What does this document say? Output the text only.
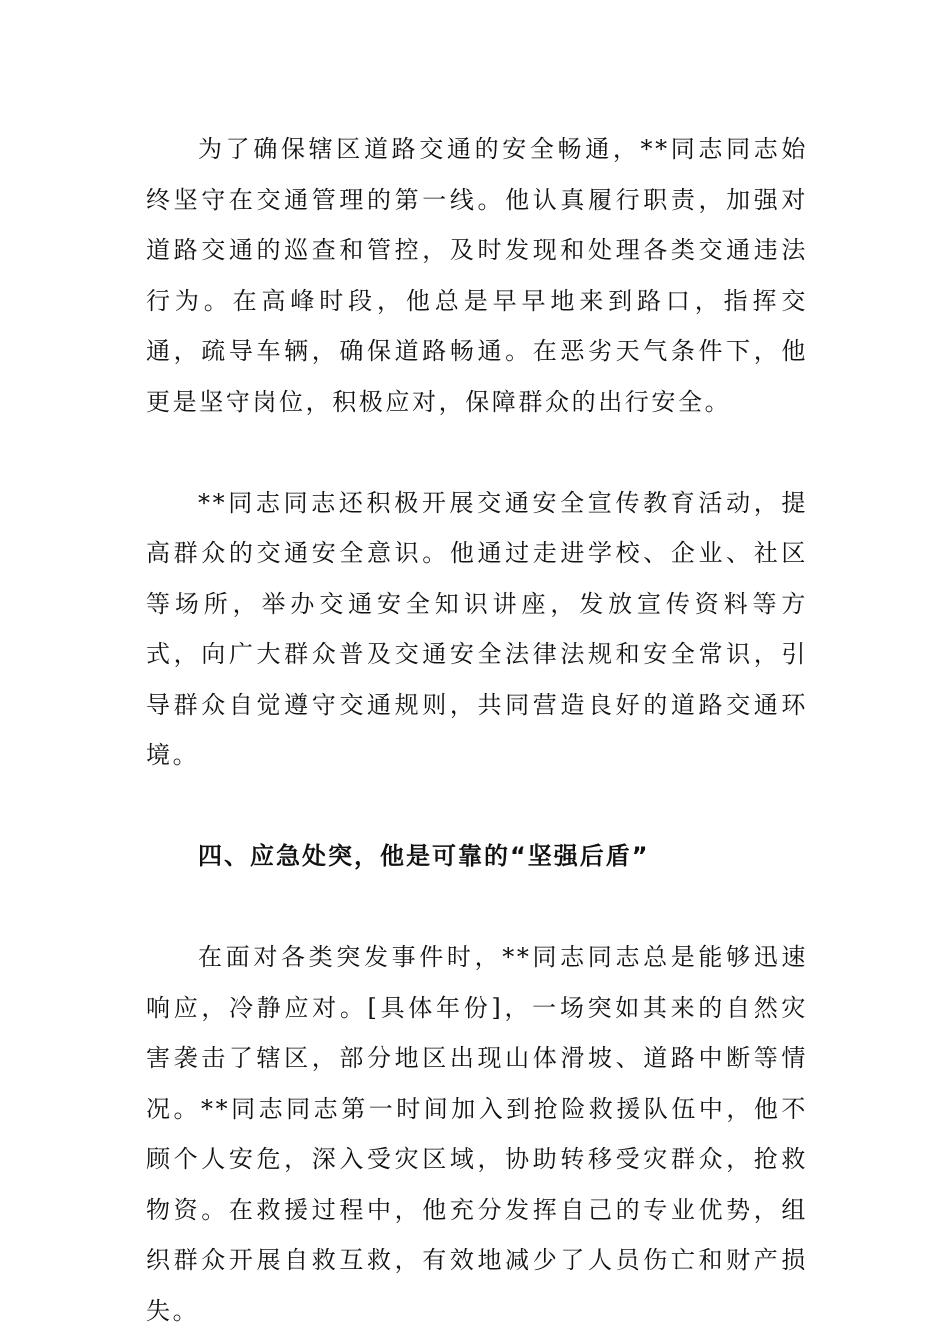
为了确保辖区道路交通的安全畅通，**同志同志始终坚守在交通管理的第一线。他认真履行职责，加强对道路交通的巡查和管控，及时发现和处理各类交通违法行为。在高峰时段，他总是早早地来到路口，指挥交通，疏导车辆，确保道路畅通。在恶劣天气条件下，他更是坚守岗位，积极应对，保障群众的出行安全。

**同志同志还积极开展交通安全宣传教育活动，提高群众的交通安全意识。他通过走进学校、企业、社区等场所，举办交通安全知识讲座，发放宣传资料等方式，向广大群众普及交通安全法律法规和安全常识，引导群众自觉遵守交通规则，共同营造良好的道路交通环境。

四、应急处突，他是可靠的“坚强后盾”

在面对各类突发事件时，**同志同志总是能够迅速响应，冷静应对。[具体年份]，一场突如其来的自然灾害袭击了辖区，部分地区出现山体滑坡、道路中断等情况。**同志同志第一时间加入到抢险救援队伍中，他不顾个人安危，深入受灾区域，协助转移受灾群众，抢救物资。在救援过程中，他充分发挥自己的专业优势，组织群众开展自救互救，有效地减少了人员伤亡和财产损失。
